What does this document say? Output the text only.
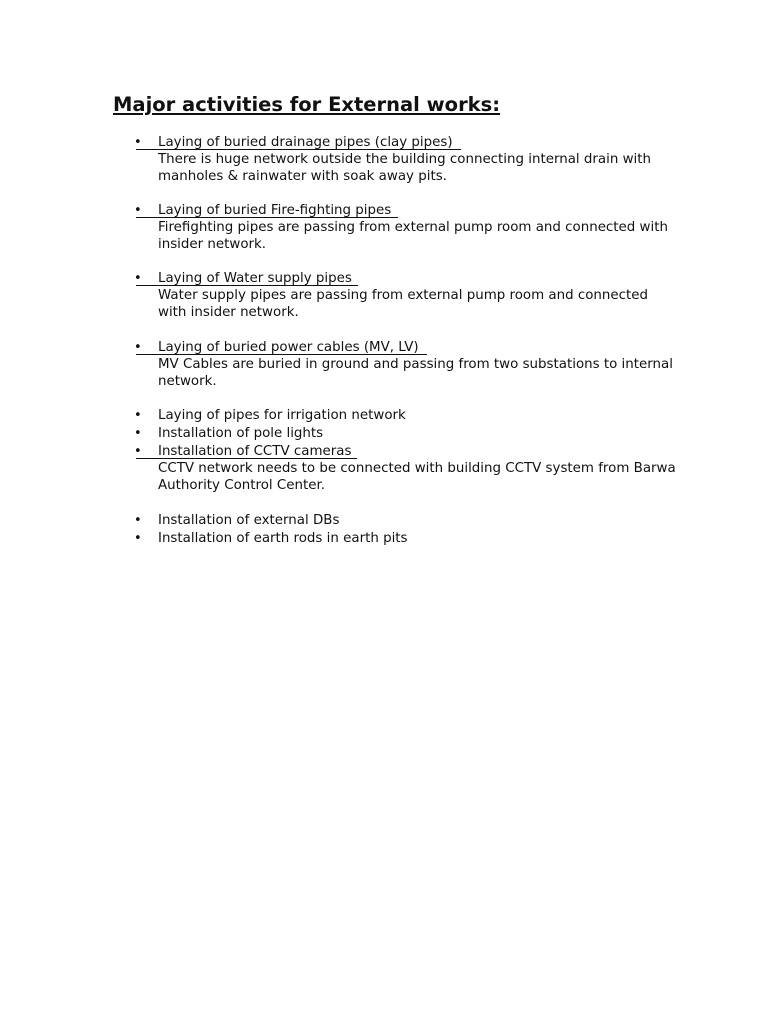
Major activities for External works:
•	Laying of buried drainage pipes (clay pipes)

There is huge network outside the building connecting internal drain with manholes & rainwater with soak away pits.

•	Laying of buried Fire-fighting pipes

Firefighting pipes are passing from external pump room and connected with insider network.

•	Laying of Water supply pipes

Water supply pipes are passing from external pump room and connected with insider network.

•	Laying of buried power cables (MV, LV)

MV Cables are buried in ground and passing from two substations to internal network.

•	Laying of pipes for irrigation network
•	Installation of pole lights
•	Installation of CCTV cameras

CCTV network needs to be connected with building CCTV system from Barwa Authority Control Center.

•	Installation of external DBs
•	Installation of earth rods in earth pits
